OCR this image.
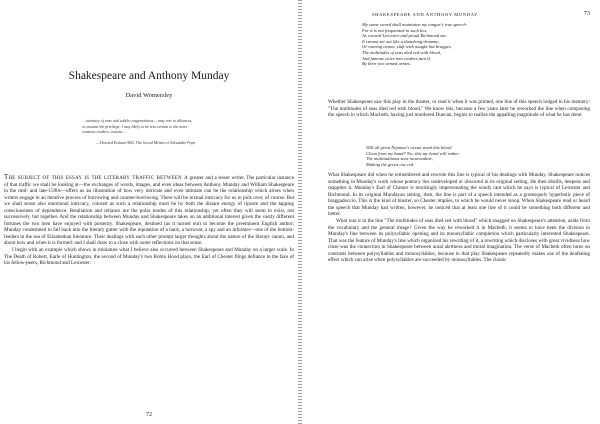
Shakespeare and Anthony Munday
David Womersley
... intimacy of ease and subtle congenialness ... may rise to alliances,
or assume the privilege, I may likely to be less certain to the more
cautious readers, cousins ...
—Howard Erskine-Hill, The Social Milieu of Alexander Pope

The subject of this essay is the literary traffic between a greater and a lesser writer. The particular instance of that traffic we shall be looking at—the exchanges of words, images, and even ideas between Anthony Munday and William Shakespeare in the mid- and late-1590s—offers us an illustration of how very intricate and even intimate can be the relationship which arises when writers engage in an iterative process of borrowing and counter-borrowing. There will be textual intricacy for us to pick over, of course. But we shall sense also emotional intricacy, colored as such a relationship must be by both the distant energy of riposte and the tapping consciousness of dependence. Retaliation and reliance are the polar modes of this relationship; yet often they will seem to exist, not successively, but together. And the relationship between Munday and Shakespeare takes on an additional interest given the vastly different fortunes the two men have enjoyed with posterity. Shakespeare, destined (as it turned out) to become the preeminent English author; Munday condemned to fall back into the literary gutter with the reputation of a hack, a turncoat, a spy and an informer—one of the bottom-feeders in the sea of Elizabethan literature. Their dealings with each other prompt larger thoughts about the nature of the literary canon, and about how and when it is formed: and I shall draw to a close with some reflections on that sense.

I begin with an example which shows in miniature what I believe also occurred between Shakespeare and Munday on a larger scale. In The Death of Robert, Earle of Huntington, the second of Munday's two Robin Hood plays, the Earl of Chester flings defiance in the face of his fellow-peers, Richmond and Leicester:

72
SHAKESPEARE AND ANTHONY MUNDAY	73
My sinne sword shall maintaine my tongue's true speech:
For it is not frequented to such lies,
As coward Leicester and proud Richmond use.
It cannot set out like a thundring drumme,
Or roaring canon, stuft with naught but bragges,
The multitudes of seas died red with blood,
And famous cities into cinders turn'd,
By their two armed armes.

Whether Shakespeare saw this play in the theater, or read it when it was printed, one line of this speech lodged in his memory: "The multitudes of seas died red with blood." We know this, because a few years later he reworked the line when composing the speech in which Macbeth, having just murdered Duncan, begins to realize the appalling magnitude of what he has done:

Will all great Neptune's ocean wash this blood
Clean from my hand? No; this my hand will rather
The multitudinous seas incarnadine,
Making the green one red.

What Shakespeare did when he remembered and rewrote this line is typical of his dealings with Munday. Shakespeare notices something in Munday's work whose potency lies undeveloped or obscured in its original setting. He then distills, deepens and reapplies it. Munday's Earl of Chester is mockingly impersonating the windy rant which he says is typical of Leicester and Richmond. In its original Mundayan setting, then, the line is part of a speech intended as a grotesquely hyperbolic piece of braggadoccio. This is the kind of bluster, so Chester implies, to which he would never stoop. When Shakespeare read or heard the speech that Munday had written, however, he noticed that at least one line of it could be something both different and better.

What was it in the line "The multitudes of seas died red with blood" which snagged on Shakespeare's attention, aside from the vocabulary and the general image? Given the way he reworked it in Macbeth, it seems to have been the division in Munday's line between its polysyllabic opening and its monosyllabic completion which particularly interested Shakespeare. That was the feature of Munday's line which organized his rewriting of it, a rewriting which discloses with great vividness how close was the connection in Shakespeare between aural alertness and moral imagination. The verse of Macbeth often turns on contrasts between polysyllables and monosyllables, because in that play Shakespeare repeatedly makes use of the deafening effect which can arise when polysyllables are succeeded by monosyllables. The classic
